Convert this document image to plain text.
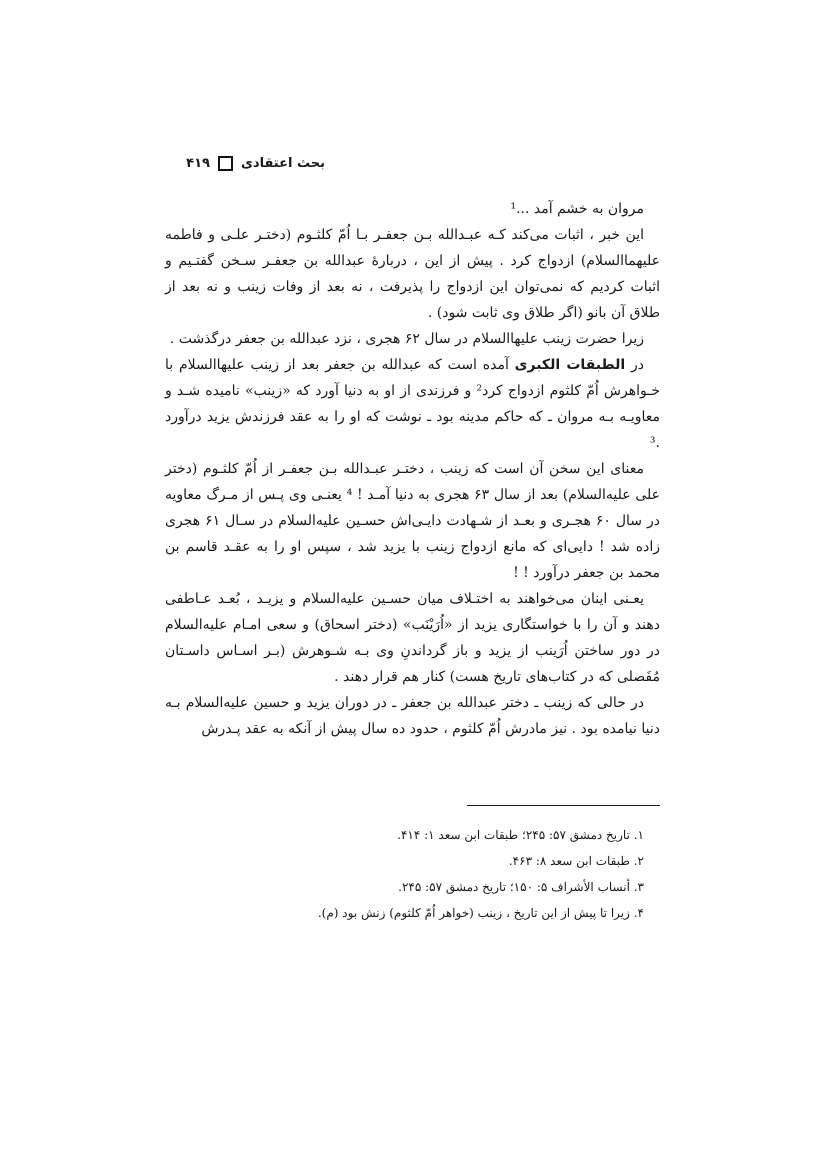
بحث اعتقادی
۴۱۹

مروان به خشم آمد ...¹

این خبر ، اثبات می‌کند کـه عبـدالله بـن جعفـر بـا اُمّ کلثـوم (دختـر علـی و فاطمه علیهماالسلام) ازدواج کرد . پیش از این ، دربارهٔ عبدالله بن جعفـر سـخن گفتـیم و اثبات کردیم که نمی‌توان این ازدواج را پذیرفت ، نه بعد از وفات زینب و نه بعد از طلاق آن بانو (اگر طلاق وی ثابت شود) .

زیرا حضرت زینب علیهاالسلام در سال ۶۲ هجری ، نزد عبدالله بن جعفر درگذشت .

در الطبقات الکبری آمده است که عبدالله بن جعفر بعد از زینب علیهاالسلام با خـواهرش اُمّ کلثوم ازدواج کرد² و فرزندی از او به دنیا آورد که «زینب» نامیده شـد و معاویـه بـه مروان ـ که حاکم مدینه بود ـ نوشت که او را به عقد فرزندش یزید درآورد .³

معنای این سخن آن است که زینب ، دختـر عبـدالله بـن جعفـر از اُمّ کلثـوم (دختر علی علیه‌السلام) بعد از سال ۶۳ هجری به دنیا آمـد ! ⁴ یعنـی وی پـس از مـرگ معاویه در سال ۶۰ هجـری و بعـد از شـهادت دایـی‌اش حسـین علیه‌السلام در سـال ۶۱ هجری زاده شد ! دایی‌ای که مانع ازدواج زینب با یزید شد ، سپس او را به عقـد قاسم بن محمد بن جعفر درآورد ! !

یعـنی اینان می‌خواهند به اختـلاف میان حسـین علیه‌السلام و یزیـد ، بُعـد عـاطفی دهند و آن را با خواستگاری یزید از «اُرَیْنَب» (دختر اسحاق) و سعی امـام علیه‌السلام در دور ساختن اُرَینب از یزید و باز گرداندنِ وی بـه شـوهرش (بـر اسـاس داسـتان مُفَصلی که در کتاب‌های تاریخ هست) کنار هم قرار دهند .

در حالی که زینب ـ دختر عبدالله بن جعفر ـ در دوران یزید و حسین علیه‌السلام بـه دنیا نیامده بود . نیز مادرش اُمّ کلثوم ، حدود ده سال پیش از آنکه به عقد پـدرش

۱. تاریخ دمشق ۵۷: ۲۴۵؛ طبقات ابن سعد ۱: ۴۱۴.
۲. طبقات ابن سعد ۸: ۴۶۳.
۳. أنساب الأشراف ۵: ۱۵۰؛ تاریخ دمشق ۵۷: ۲۴۵.
۴. زیرا تا پیش از این تاریخ ، زینب (خواهر اُمّ کلثوم) زنش بود (م).
